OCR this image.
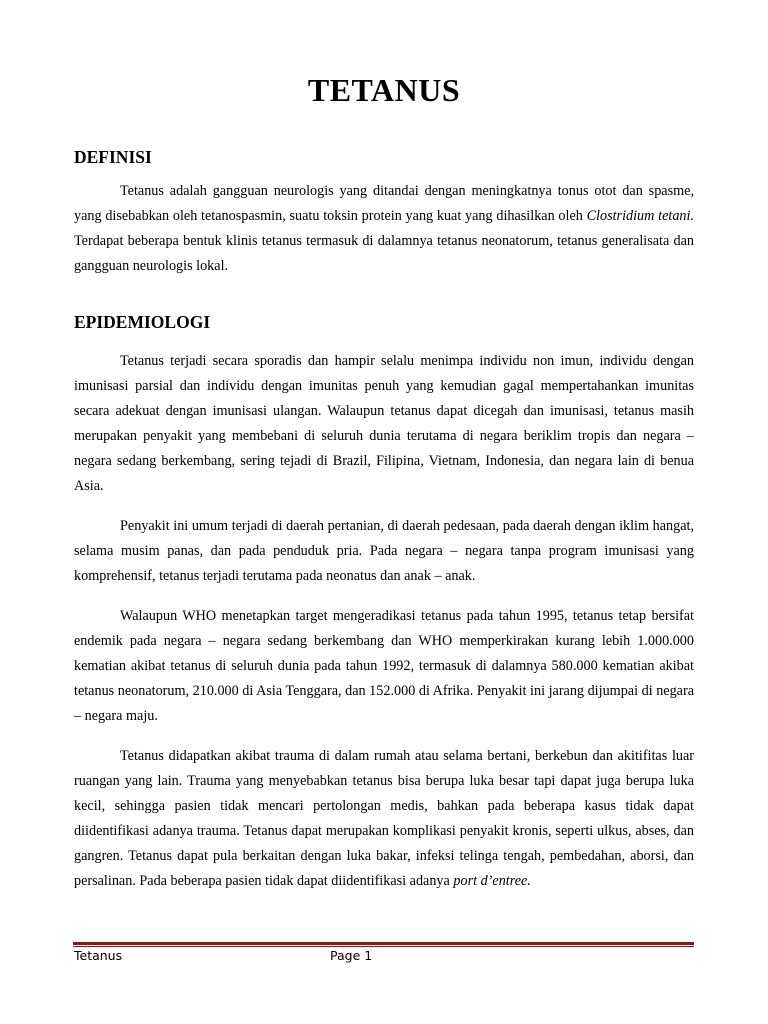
TETANUS
DEFINISI

Tetanus adalah gangguan neurologis yang ditandai dengan meningkatnya tonus otot dan spasme, yang disebabkan oleh tetanospasmin, suatu toksin protein yang kuat yang dihasilkan oleh Clostridium tetani. Terdapat beberapa bentuk klinis tetanus termasuk di dalamnya tetanus neonatorum, tetanus generalisata dan gangguan neurologis lokal.

EPIDEMIOLOGI

Tetanus terjadi secara sporadis dan hampir selalu menimpa individu non imun, individu dengan imunisasi parsial dan individu dengan imunitas penuh yang kemudian gagal mempertahankan imunitas secara adekuat dengan imunisasi ulangan. Walaupun tetanus dapat dicegah dan imunisasi, tetanus masih merupakan penyakit yang membebani di seluruh dunia terutama di negara beriklim tropis dan negara – negara sedang berkembang, sering tejadi di Brazil, Filipina, Vietnam, Indonesia, dan negara lain di benua Asia.

Penyakit ini umum terjadi di daerah pertanian, di daerah pedesaan, pada daerah dengan iklim hangat, selama musim panas, dan pada penduduk pria. Pada negara – negara tanpa program imunisasi yang komprehensif, tetanus terjadi terutama pada neonatus dan anak – anak.

Walaupun WHO menetapkan target mengeradikasi tetanus pada tahun 1995, tetanus tetap bersifat endemik pada negara – negara sedang berkembang dan WHO memperkirakan kurang lebih 1.000.000 kematian akibat tetanus di seluruh dunia pada tahun 1992, termasuk di dalamnya 580.000 kematian akibat tetanus neonatorum, 210.000 di Asia Tenggara, dan 152.000 di Afrika. Penyakit ini jarang dijumpai di negara – negara maju.

Tetanus didapatkan akibat trauma di dalam rumah atau selama bertani, berkebun dan akitifitas luar ruangan yang lain. Trauma yang menyebabkan tetanus bisa berupa luka besar tapi dapat juga berupa luka kecil, sehingga pasien tidak mencari pertolongan medis, bahkan pada beberapa kasus tidak dapat diidentifikasi adanya trauma. Tetanus dapat merupakan komplikasi penyakit kronis, seperti ulkus, abses, dan gangren. Tetanus dapat pula berkaitan dengan luka bakar, infeksi telinga tengah, pembedahan, aborsi, dan persalinan. Pada beberapa pasien tidak dapat diidentifikasi adanya port d’entree.

Tetanus	Page 1
